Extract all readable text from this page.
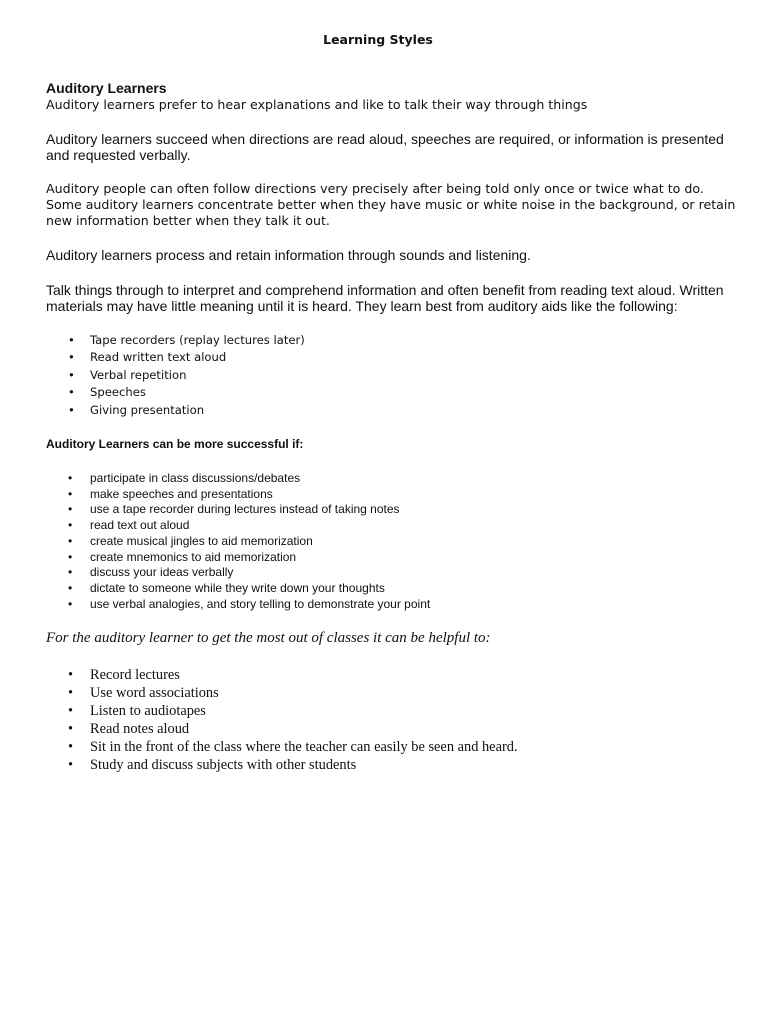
Learning Styles
Auditory Learners

Auditory learners prefer to hear explanations and like to talk their way through things

Auditory learners succeed when directions are read aloud, speeches are required, or information is presented and requested verbally.

Auditory people can often follow directions very precisely after being told only once or twice what to do. Some auditory learners concentrate better when they have music or white noise in the background, or retain new information better when they talk it out.

Auditory learners process and retain information through sounds and listening.

Talk things through to interpret and comprehend information and often benefit from reading text aloud. Written materials may have little meaning until it is heard. They learn best from auditory aids like the following:

• Tape recorders (replay lectures later)
• Read written text aloud
• Verbal repetition
• Speeches
• Giving presentation

Auditory Learners can be more successful if:

• participate in class discussions/debates
• make speeches and presentations
• use a tape recorder during lectures instead of taking notes
• read text out aloud
• create musical jingles to aid memorization
• create mnemonics to aid memorization
• discuss your ideas verbally
• dictate to someone while they write down your thoughts
• use verbal analogies, and story telling to demonstrate your point

For the auditory learner to get the most out of classes it can be helpful to:

• Record lectures
• Use word associations
• Listen to audiotapes
• Read notes aloud
• Sit in the front of the class where the teacher can easily be seen and heard.
• Study and discuss subjects with other students
